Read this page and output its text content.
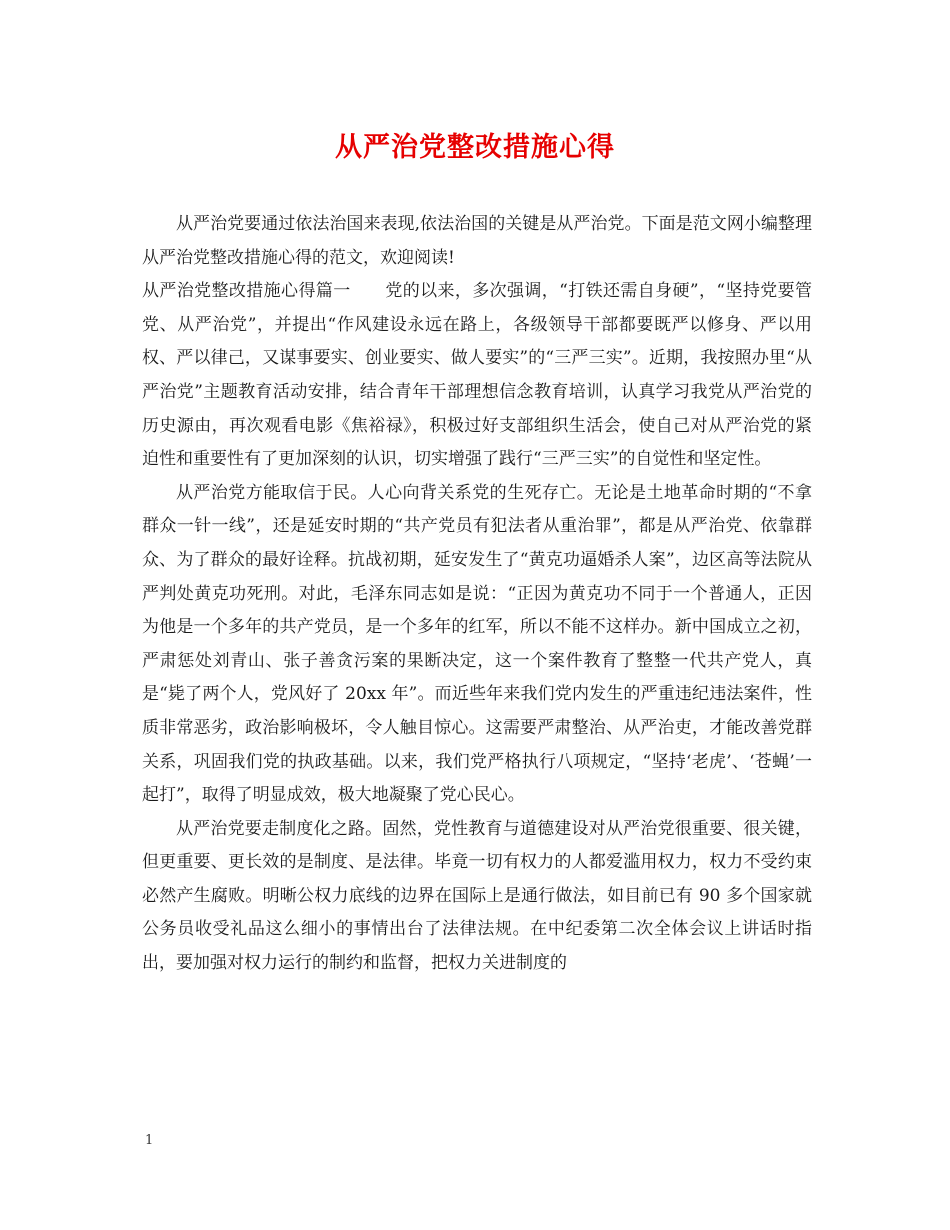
从严治党整改措施心得

从严治党要通过依法治国来表现,依法治国的关键是从严治党。下面是范文网小编整理从严治党整改措施心得的范文，欢迎阅读!

从严治党整改措施心得篇一　　党的以来，多次强调，“打铁还需自身硬”，“坚持党要管党、从严治党”，并提出“作风建设永远在路上，各级领导干部都要既严以修身、严以用权、严以律己，又谋事要实、创业要实、做人要实”的“三严三实”。近期，我按照办里“从严治党”主题教育活动安排，结合青年干部理想信念教育培训，认真学习我党从严治党的历史源由，再次观看电影《焦裕禄》，积极过好支部组织生活会，使自己对从严治党的紧迫性和重要性有了更加深刻的认识，切实增强了践行“三严三实”的自觉性和坚定性。

从严治党方能取信于民。人心向背关系党的生死存亡。无论是土地革命时期的“不拿群众一针一线”，还是延安时期的“共产党员有犯法者从重治罪”，都是从严治党、依靠群众、为了群众的最好诠释。抗战初期，延安发生了“黄克功逼婚杀人案”，边区高等法院从严判处黄克功死刑。对此，毛泽东同志如是说：“正因为黄克功不同于一个普通人，正因为他是一个多年的共产党员，是一个多年的红军，所以不能不这样办。新中国成立之初，严肃惩处刘青山、张子善贪污案的果断决定，这一个案件教育了整整一代共产党人，真是“毙了两个人，党风好了 20xx 年”。而近些年来我们党内发生的严重违纪违法案件，性质非常恶劣，政治影响极坏，令人触目惊心。这需要严肃整治、从严治吏，才能改善党群关系，巩固我们党的执政基础。以来，我们党严格执行八项规定，“坚持‘老虎’、‘苍蝇’一起打”，取得了明显成效，极大地凝聚了党心民心。

从严治党要走制度化之路。固然，党性教育与道德建设对从严治党很重要、很关键，但更重要、更长效的是制度、是法律。毕竟一切有权力的人都爱滥用权力，权力不受约束必然产生腐败。明晰公权力底线的边界在国际上是通行做法，如目前已有 90 多个国家就公务员收受礼品这么细小的事情出台了法律法规。在中纪委第二次全体会议上讲话时指出，要加强对权力运行的制约和监督，把权力关进制度的

1
